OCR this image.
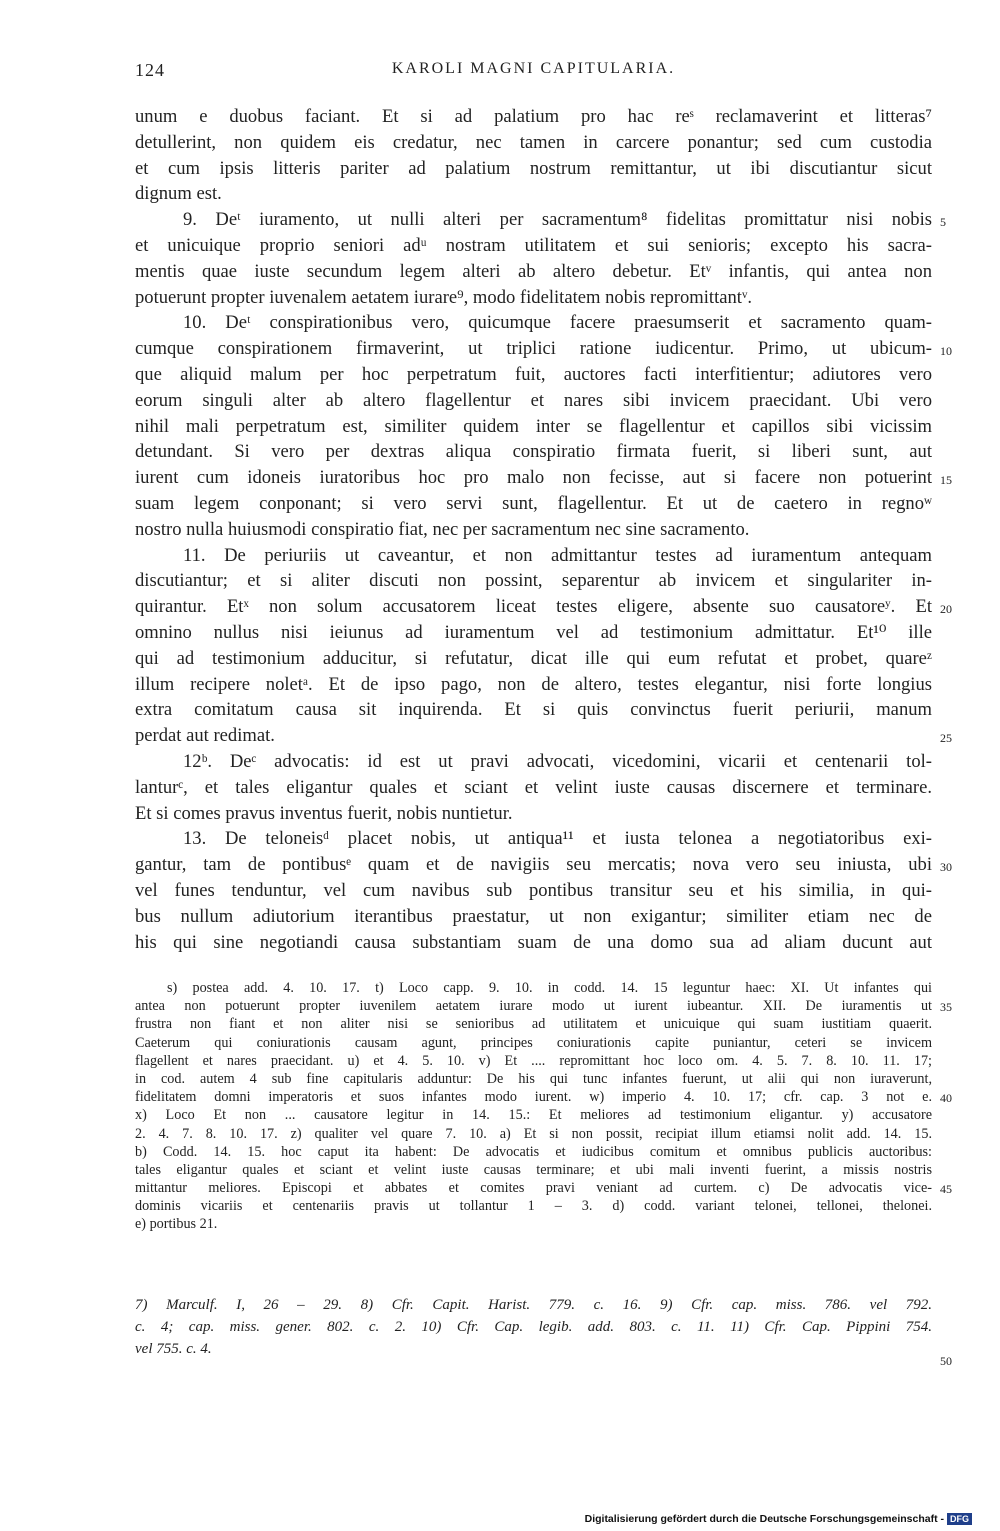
124	KAROLI MAGNI CAPITULARIA.
unum e duobus faciant. Et si ad palatium pro hac reˢ reclamaverint et litteras⁷
detullerint, non quidem eis credatur, nec tamen in carcere ponantur; sed cum custodia
et cum ipsis litteris pariter ad palatium nostrum remittantur, ut ibi discutiantur sicut
dignum est.
9. Deᵗ iuramento, ut nulli alteri per sacramentum⁸ fidelitas promittatur nisi nobis
et unicuique proprio seniori adᵘ nostram utilitatem et sui senioris; excepto his sacra-
mentis quae iuste secundum legem alteri ab altero debetur. Etᵛ infantis, qui antea non
potuerunt propter iuvenalem aetatem iurare⁹, modo fidelitatem nobis repromittantᵛ.
10. Deᵗ conspirationibus vero, quicumque facere praesumserit et sacramento quam-
cumque conspirationem firmaverint, ut triplici ratione iudicentur. Primo, ut ubicum-
que aliquid malum per hoc perpetratum fuit, auctores facti interfitientur; adiutores vero
eorum singuli alter ab altero flagellentur et nares sibi invicem praecidant. Ubi vero
nihil mali perpetratum est, similiter quidem inter se flagellentur et capillos sibi vicissim
detundant. Si vero per dextras aliqua conspiratio firmata fuerit, si liberi sunt, aut
iurent cum idoneis iuratoribus hoc pro malo non fecisse, aut si facere non potuerint
suam legem conponant; si vero servi sunt, flagellentur. Et ut de caetero in regnoʷ
nostro nulla huiusmodi conspiratio fiat, nec per sacramentum nec sine sacramento.
11. De periuriis ut caveantur, et non admittantur testes ad iuramentum antequam
discutiantur; et si aliter discuti non possint, separentur ab invicem et singulariter in-
quirantur. Etˣ non solum accusatorem liceat testes eligere, absente suo causatoreʸ. Et
omnino nullus nisi ieiunus ad iuramentum vel ad testimonium admittatur. Et¹⁰ ille
qui ad testimonium adducitur, si refutatur, dicat ille qui eum refutat et probet, quareᶻ
illum recipere noletᵃ. Et de ipso pago, non de altero, testes elegantur, nisi forte longius
extra comitatum causa sit inquirenda. Et si quis convinctus fuerit periurii, manum
perdat aut redimat.
12ᵇ. Deᶜ advocatis: id est ut pravi advocati, vicedomini, vicarii et centenarii tol-
lanturᶜ, et tales eligantur quales et sciant et velint iuste causas discernere et terminare.
Et si comes pravus inventus fuerit, nobis nuntietur.
13. De teloneisᵈ placet nobis, ut antiqua¹¹ et iusta telonea a negotiatoribus exi-
gantur, tam de pontibusᵉ quam et de navigiis seu mercatis; nova vero seu iniusta, ubi
vel funes tenduntur, vel cum navibus sub pontibus transitur seu et his similia, in qui-
bus nullum adiutorium iterantibus praestatur, ut non exigantur; similiter etiam nec de
his qui sine negotiandi causa substantiam suam de una domo sua ad aliam ducunt aut
5
10
15
20
25
30
s) postea add. 4. 10. 17. t) Loco capp. 9. 10. in codd. 14. 15 leguntur haec: XI. Ut infantes qui
antea non potuerunt propter iuvenilem aetatem iurare modo ut iurent iubeantur. XII. De iuramentis ut
frustra non fiant et non aliter nisi se senioribus ad utilitatem et unicuique qui suam iustitiam quaerit.
Caeterum qui coniurationis causam agunt, principes coniurationis capite puniantur, ceteri se invicem
flagellent et nares praecidant. u) et 4. 5. 10. v) Et .... repromittant hoc loco om. 4. 5. 7. 8. 10. 11. 17;
in cod. autem 4 sub fine capitularis adduntur: De his qui tunc infantes fuerunt, ut alii qui non iuraverunt,
fidelitatem domni imperatoris et suos infantes modo iurent. w) imperio 4. 10. 17; cfr. cap. 3 not e.
x) Loco Et non ... causatore legitur in 14. 15.: Et meliores ad testimonium eligantur. y) accusatore
2. 4. 7. 8. 10. 17. z) qualiter vel quare 7. 10. a) Et si non possit, recipiat illum etiamsi nolit add. 14. 15.
b) Codd. 14. 15. hoc caput ita habent: De advocatis et iudicibus comitum et omnibus publicis auctoribus:
tales eligantur quales et sciant et velint iuste causas terminare; et ubi mali inventi fuerint, a missis nostris
mittantur meliores. Episcopi et abbates et comites pravi veniant ad curtem. c) De advocatis vice-
dominis vicariis et centenariis pravis ut tollantur 1 – 3. d) codd. variant telonei, tellonei, thelonei.
e) portibus 21.
35
40
45
7) Marculf. I, 26 – 29. 8) Cfr. Capit. Harist. 779. c. 16. 9) Cfr. cap. miss. 786. vel 792.
c. 4; cap. miss. gener. 802. c. 2. 10) Cfr. Cap. legib. add. 803. c. 11. 11) Cfr. Cap. Pippini 754.
vel 755. c. 4.
50
Digitalisierung gefördert durch die Deutsche Forschungsgemeinschaft - DFG
